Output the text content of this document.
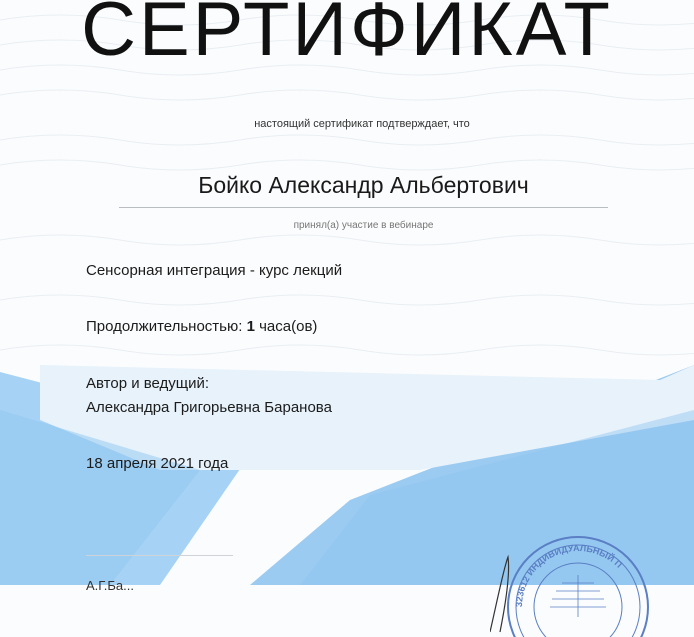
СЕРТИФИКАТ
настоящий сертификат подтверждает, что
Бойко Александр Альбертович
принял(а) участие в вебинаре
Сенсорная интеграция - курс лекций
Продолжительностью: 1 часа(ов)
Автор и ведущий:
Александра Григорьевна Баранова
18 апреля 2021 года
А.Г.Ба...
323612 ИНДИВИДУАЛЬНЫЙ П
